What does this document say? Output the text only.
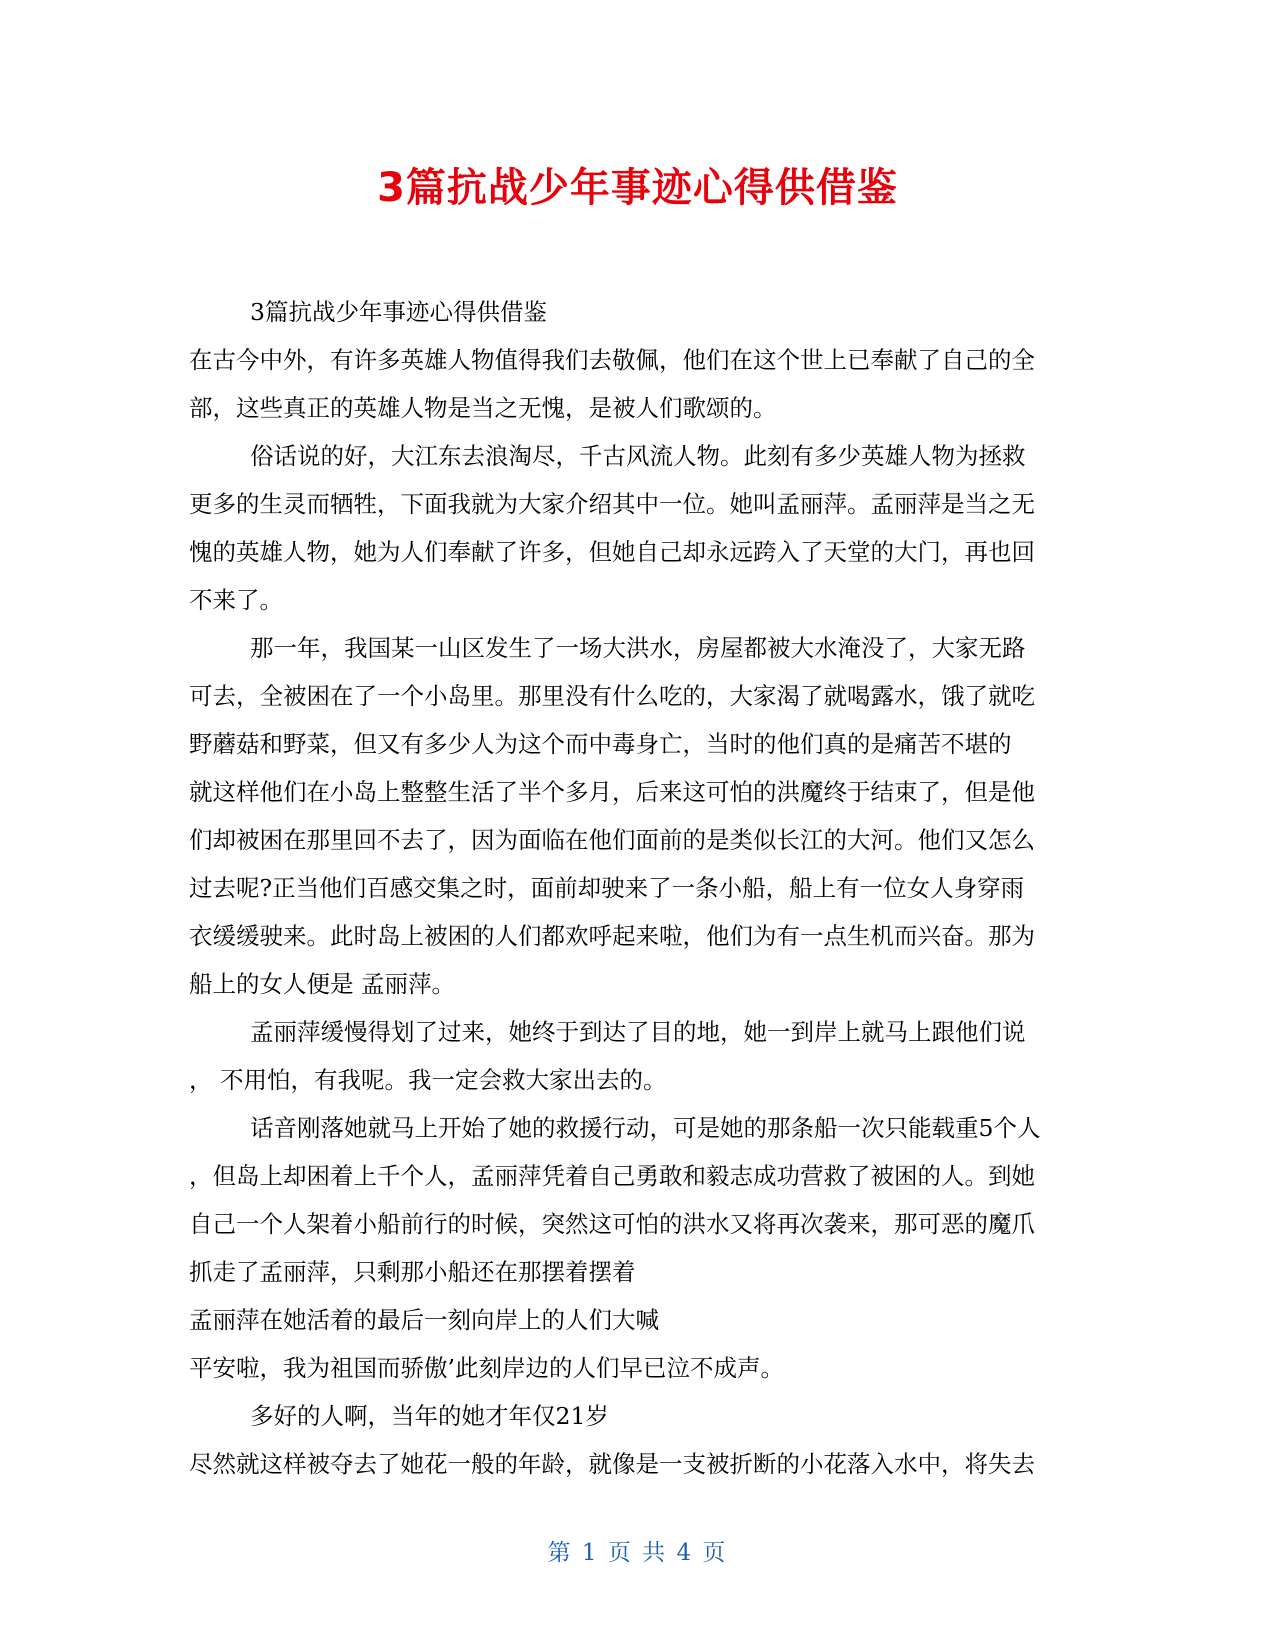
3篇抗战少年事迹心得供借鉴
3篇抗战少年事迹心得供借鉴
在古今中外，有许多英雄人物值得我们去敬佩，他们在这个世上已奉献了自己的全
部，这些真正的英雄人物是当之无愧，是被人们歌颂的。
俗话说的好，大江东去浪淘尽，千古风流人物。此刻有多少英雄人物为拯救
更多的生灵而牺牲，下面我就为大家介绍其中一位。她叫孟丽萍。孟丽萍是当之无
愧的英雄人物，她为人们奉献了许多，但她自己却永远跨入了天堂的大门，再也回
不来了。
那一年，我国某一山区发生了一场大洪水，房屋都被大水淹没了，大家无路
可去，全被困在了一个小岛里。那里没有什么吃的，大家渴了就喝露水，饿了就吃
野蘑菇和野菜，但又有多少人为这个而中毒身亡，当时的他们真的是痛苦不堪的
就这样他们在小岛上整整生活了半个多月，后来这可怕的洪魔终于结束了，但是他
们却被困在那里回不去了，因为面临在他们面前的是类似长江的大河。他们又怎么
过去呢?正当他们百感交集之时，面前却驶来了一条小船，船上有一位女人身穿雨
衣缓缓驶来。此时岛上被困的人们都欢呼起来啦，他们为有一点生机而兴奋。那为
船上的女人便是 孟丽萍。
孟丽萍缓慢得划了过来，她终于到达了目的地，她一到岸上就马上跟他们说
， 不用怕，有我呢。我一定会救大家出去的。
话音刚落她就马上开始了她的救援行动，可是她的那条船一次只能载重5个人
，但岛上却困着上千个人，孟丽萍凭着自己勇敢和毅志成功营救了被困的人。到她
自己一个人架着小船前行的时候，突然这可怕的洪水又将再次袭来，那可恶的魔爪
抓走了孟丽萍，只剩那小船还在那摆着摆着
孟丽萍在她活着的最后一刻向岸上的人们大喊
平安啦，我为祖国而骄傲’此刻岸边的人们早已泣不成声。
多好的人啊，当年的她才年仅21岁
尽然就这样被夺去了她花一般的年龄，就像是一支被折断的小花落入水中，将失去
第 1 页 共 4 页
